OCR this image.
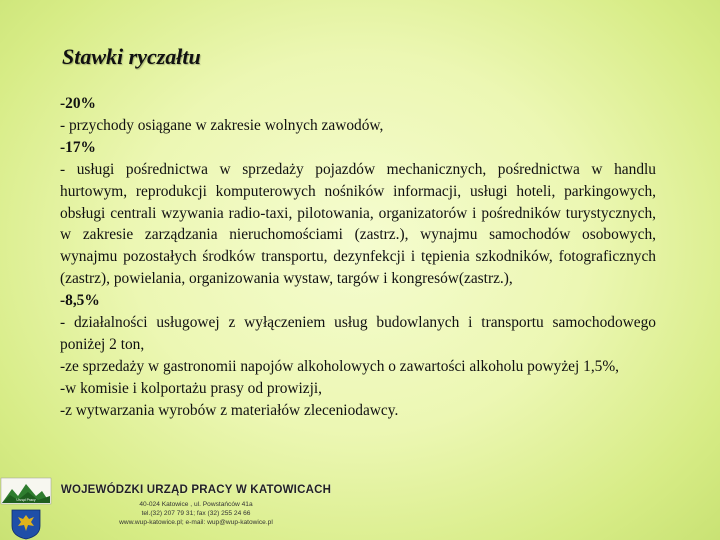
Stawki ryczałtu

-20%

- przychody osiągane w zakresie wolnych zawodów,

-17%

- usługi pośrednictwa w sprzedaży pojazdów mechanicznych, pośrednictwa w handlu hurtowym, reprodukcji komputerowych nośników informacji, usługi hoteli, parkingowych, obsługi centrali wzywania radio-taxi, pilotowania, organizatorów i pośredników turystycznych, w zakresie zarządzania nieruchomościami (zastrz.), wynajmu samochodów osobowych, wynajmu pozostałych środków transportu, dezynfekcji i tępienia szkodników, fotograficznych (zastrz), powielania, organizowania wystaw, targów i kongresów(zastrz.),

-8,5%

- działalności usługowej z wyłączeniem usług budowlanych i transportu samochodowego poniżej 2 ton,

-ze sprzedaży w gastronomii napojów alkoholowych o zawartości alkoholu powyżej 1,5%,

-w komisie i kolportażu prasy od prowizji,

-z wytwarzania wyrobów z materiałów zleceniodawcy.

Urząd Pracy
WOJEWÓDZKI URZĄD PRACY W KATOWICACH
40-024 Katowice , ul. Powstańców 41a
tel.(32) 207 79 31; fax (32) 255 24 66
www.wup-katowice.pl; e-mail: wup@wup-katowice.pl
